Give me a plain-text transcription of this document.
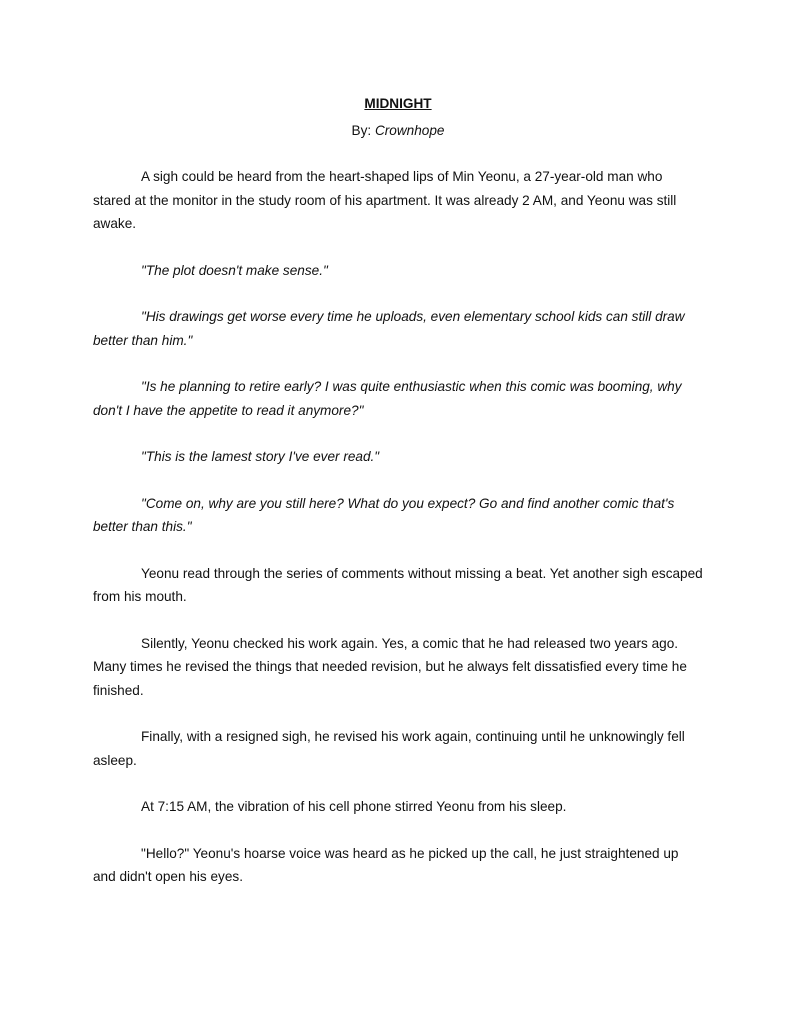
MIDNIGHT

By: Crownhope

A sigh could be heard from the heart-shaped lips of Min Yeonu, a 27-year-old man who stared at the monitor in the study room of his apartment. It was already 2 AM, and Yeonu was still awake.

"The plot doesn't make sense."

"His drawings get worse every time he uploads, even elementary school kids can still draw better than him."

"Is he planning to retire early? I was quite enthusiastic when this comic was booming, why don't I have the appetite to read it anymore?"

"This is the lamest story I've ever read."

"Come on, why are you still here? What do you expect? Go and find another comic that's better than this."

Yeonu read through the series of comments without missing a beat. Yet another sigh escaped from his mouth.

Silently, Yeonu checked his work again. Yes, a comic that he had released two years ago. Many times he revised the things that needed revision, but he always felt dissatisfied every time he finished.

Finally, with a resigned sigh, he revised his work again, continuing until he unknowingly fell asleep.

At 7:15 AM, the vibration of his cell phone stirred Yeonu from his sleep.

"Hello?" Yeonu's hoarse voice was heard as he picked up the call, he just straightened up and didn't open his eyes.
